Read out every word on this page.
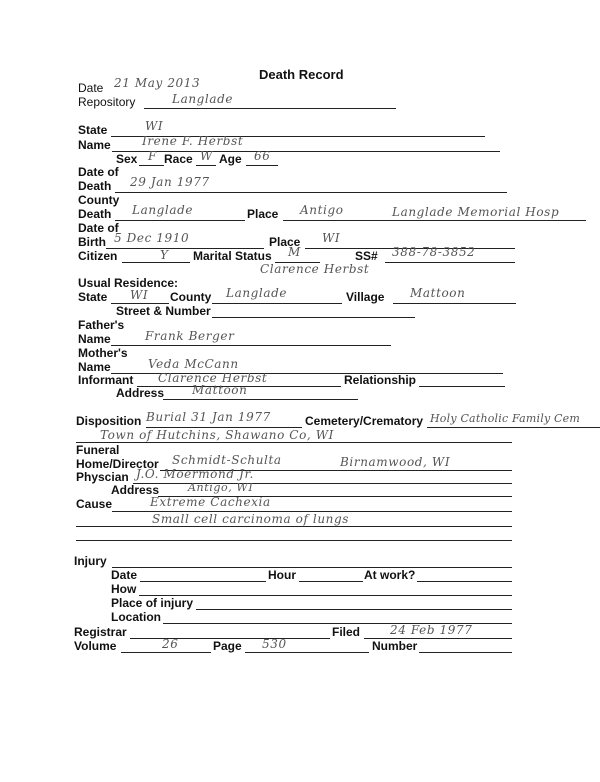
Death Record
Date 21 May 2013
Repository	Langlade
State	WI
Name	Irene F. Herbst
Sex F Race W Age 66
Date of
Death 29 Jan 1977
County
Death Langlade	Place Antigo	Langlade Memorial Hosp
Date of
Birth 5 Dec 1910	Place WI
Citizen	Y Marital Status M	SS# 388-78-3852
Clarence Herbst
Usual Residence:
State WI County Langlade	Village Mattoon
Street & Number
Father's
Name	Frank Berger
Mother's
Name	Veda McCann
Informant Clarence Herbst	Relationship
Address Mattoon
Disposition Burial 31 Jan 1977	Cemetery/Crematory Holy Catholic Family Cem
Town of Hutchins, Shawano Co, WI
Funeral
Home/Director Schmidt-Schulta	Birnamwood, WI
Physcian J.O. Moermond Jr.
Address	Antigo, WI
Cause	Extreme Cachexia
Small cell carcinoma of lungs
Injury
Date	Hour	At work?
How
Place of injury
Location
Registrar	Filed 24 Feb 1977
Volume	26	Page 530	Number
